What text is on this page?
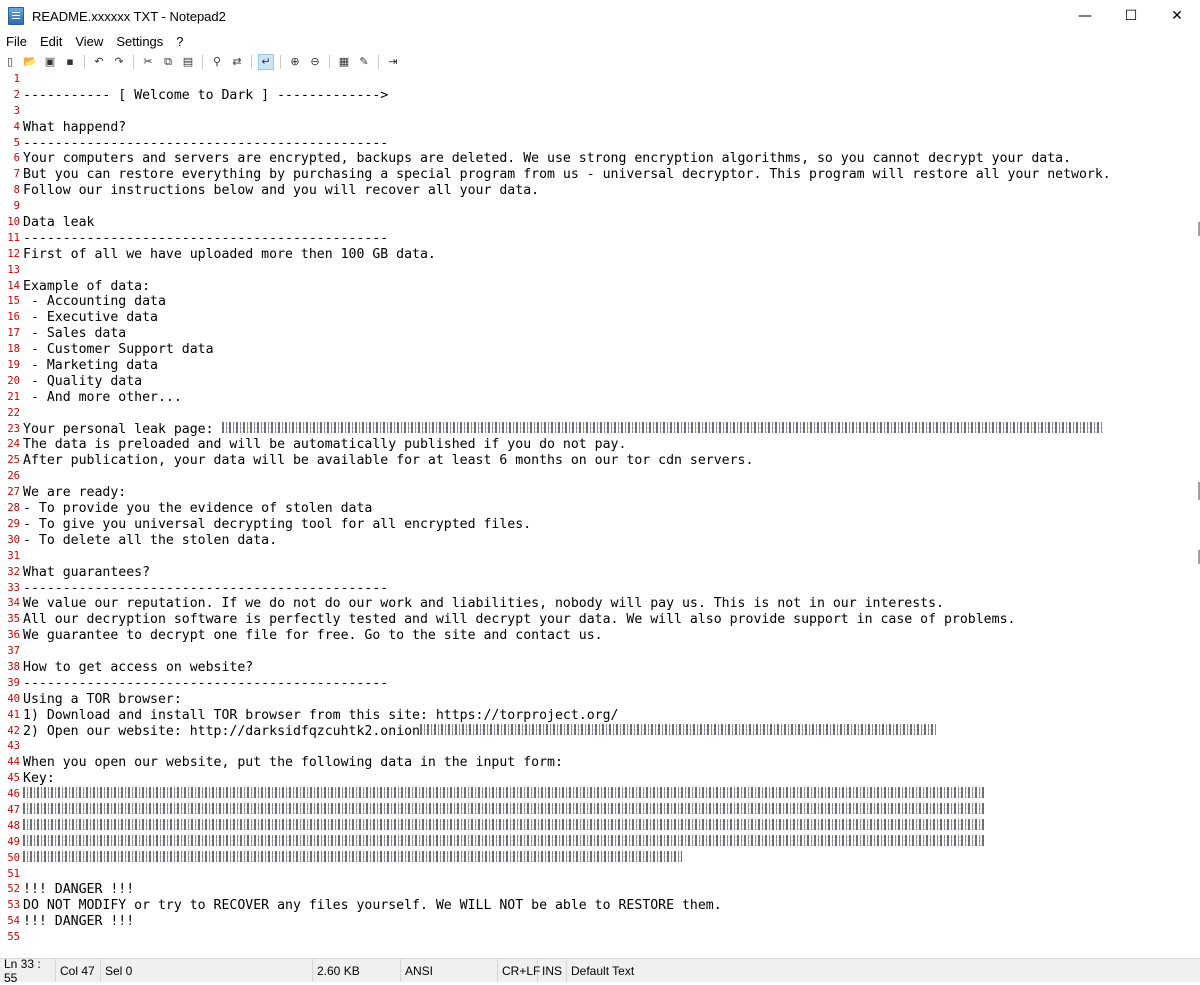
README.xxxxxx TXT - Notepad2	—	☐	✕
File	Edit	View	Settings	?
▯ 📂 ▣	▪	↶ ↷	✂	⧉ ▤	⚲	⇄	↵	⊕ ⊖	▦ ✎	⇥
1
2 ----------- [ Welcome to Dark ] ------------->
3
4 What happend?
5 ----------------------------------------------
6 Your computers and servers are encrypted, backups are deleted. We use strong encryption algorithms, so you cannot decrypt your data.
7 But you can restore everything by purchasing a special program from us - universal decryptor. This program will restore all your network.
8 Follow our instructions below and you will recover all your data.
9
10 Data leak
11 ----------------------------------------------
12 First of all we have uploaded more then 100 GB data.
13
14 Example of data:
15 - Accounting data
16 - Executive data
17 - Sales data
18 - Customer Support data
19 - Marketing data
20 - Quality data
21 - And more other...
22
23 Your personal leak page:
24 The data is preloaded and will be automatically published if you do not pay.
25 After publication, your data will be available for at least 6 months on our tor cdn servers.
26
27 We are ready:
28 - To provide you the evidence of stolen data
29 - To give you universal decrypting tool for all encrypted files.
30 - To delete all the stolen data.
31
32 What guarantees?
33 ----------------------------------------------
34 We value our reputation. If we do not do our work and liabilities, nobody will pay us. This is not in our interests.
35 All our decryption software is perfectly tested and will decrypt your data. We will also provide support in case of problems.
36 We guarantee to decrypt one file for free. Go to the site and contact us.
37
38 How to get access on website?
39 ----------------------------------------------
40 Using a TOR browser:
41 1) Download and install TOR browser from this site: https://torproject.org/
42 2) Open our website: http://darksidfqzcuhtk2.onion
43
44 When you open our website, put the following data in the input form:
45 Key:
46
47
48
49
50
51
52 !!! DANGER !!!
53 DO NOT MODIFY or try to RECOVER any files yourself. We WILL NOT be able to RESTORE them.
54 !!! DANGER !!!
55
Ln 33 : 55	Col 47 Sel 0	2.60 KB	ANSI	CR+LF INS Default Text
